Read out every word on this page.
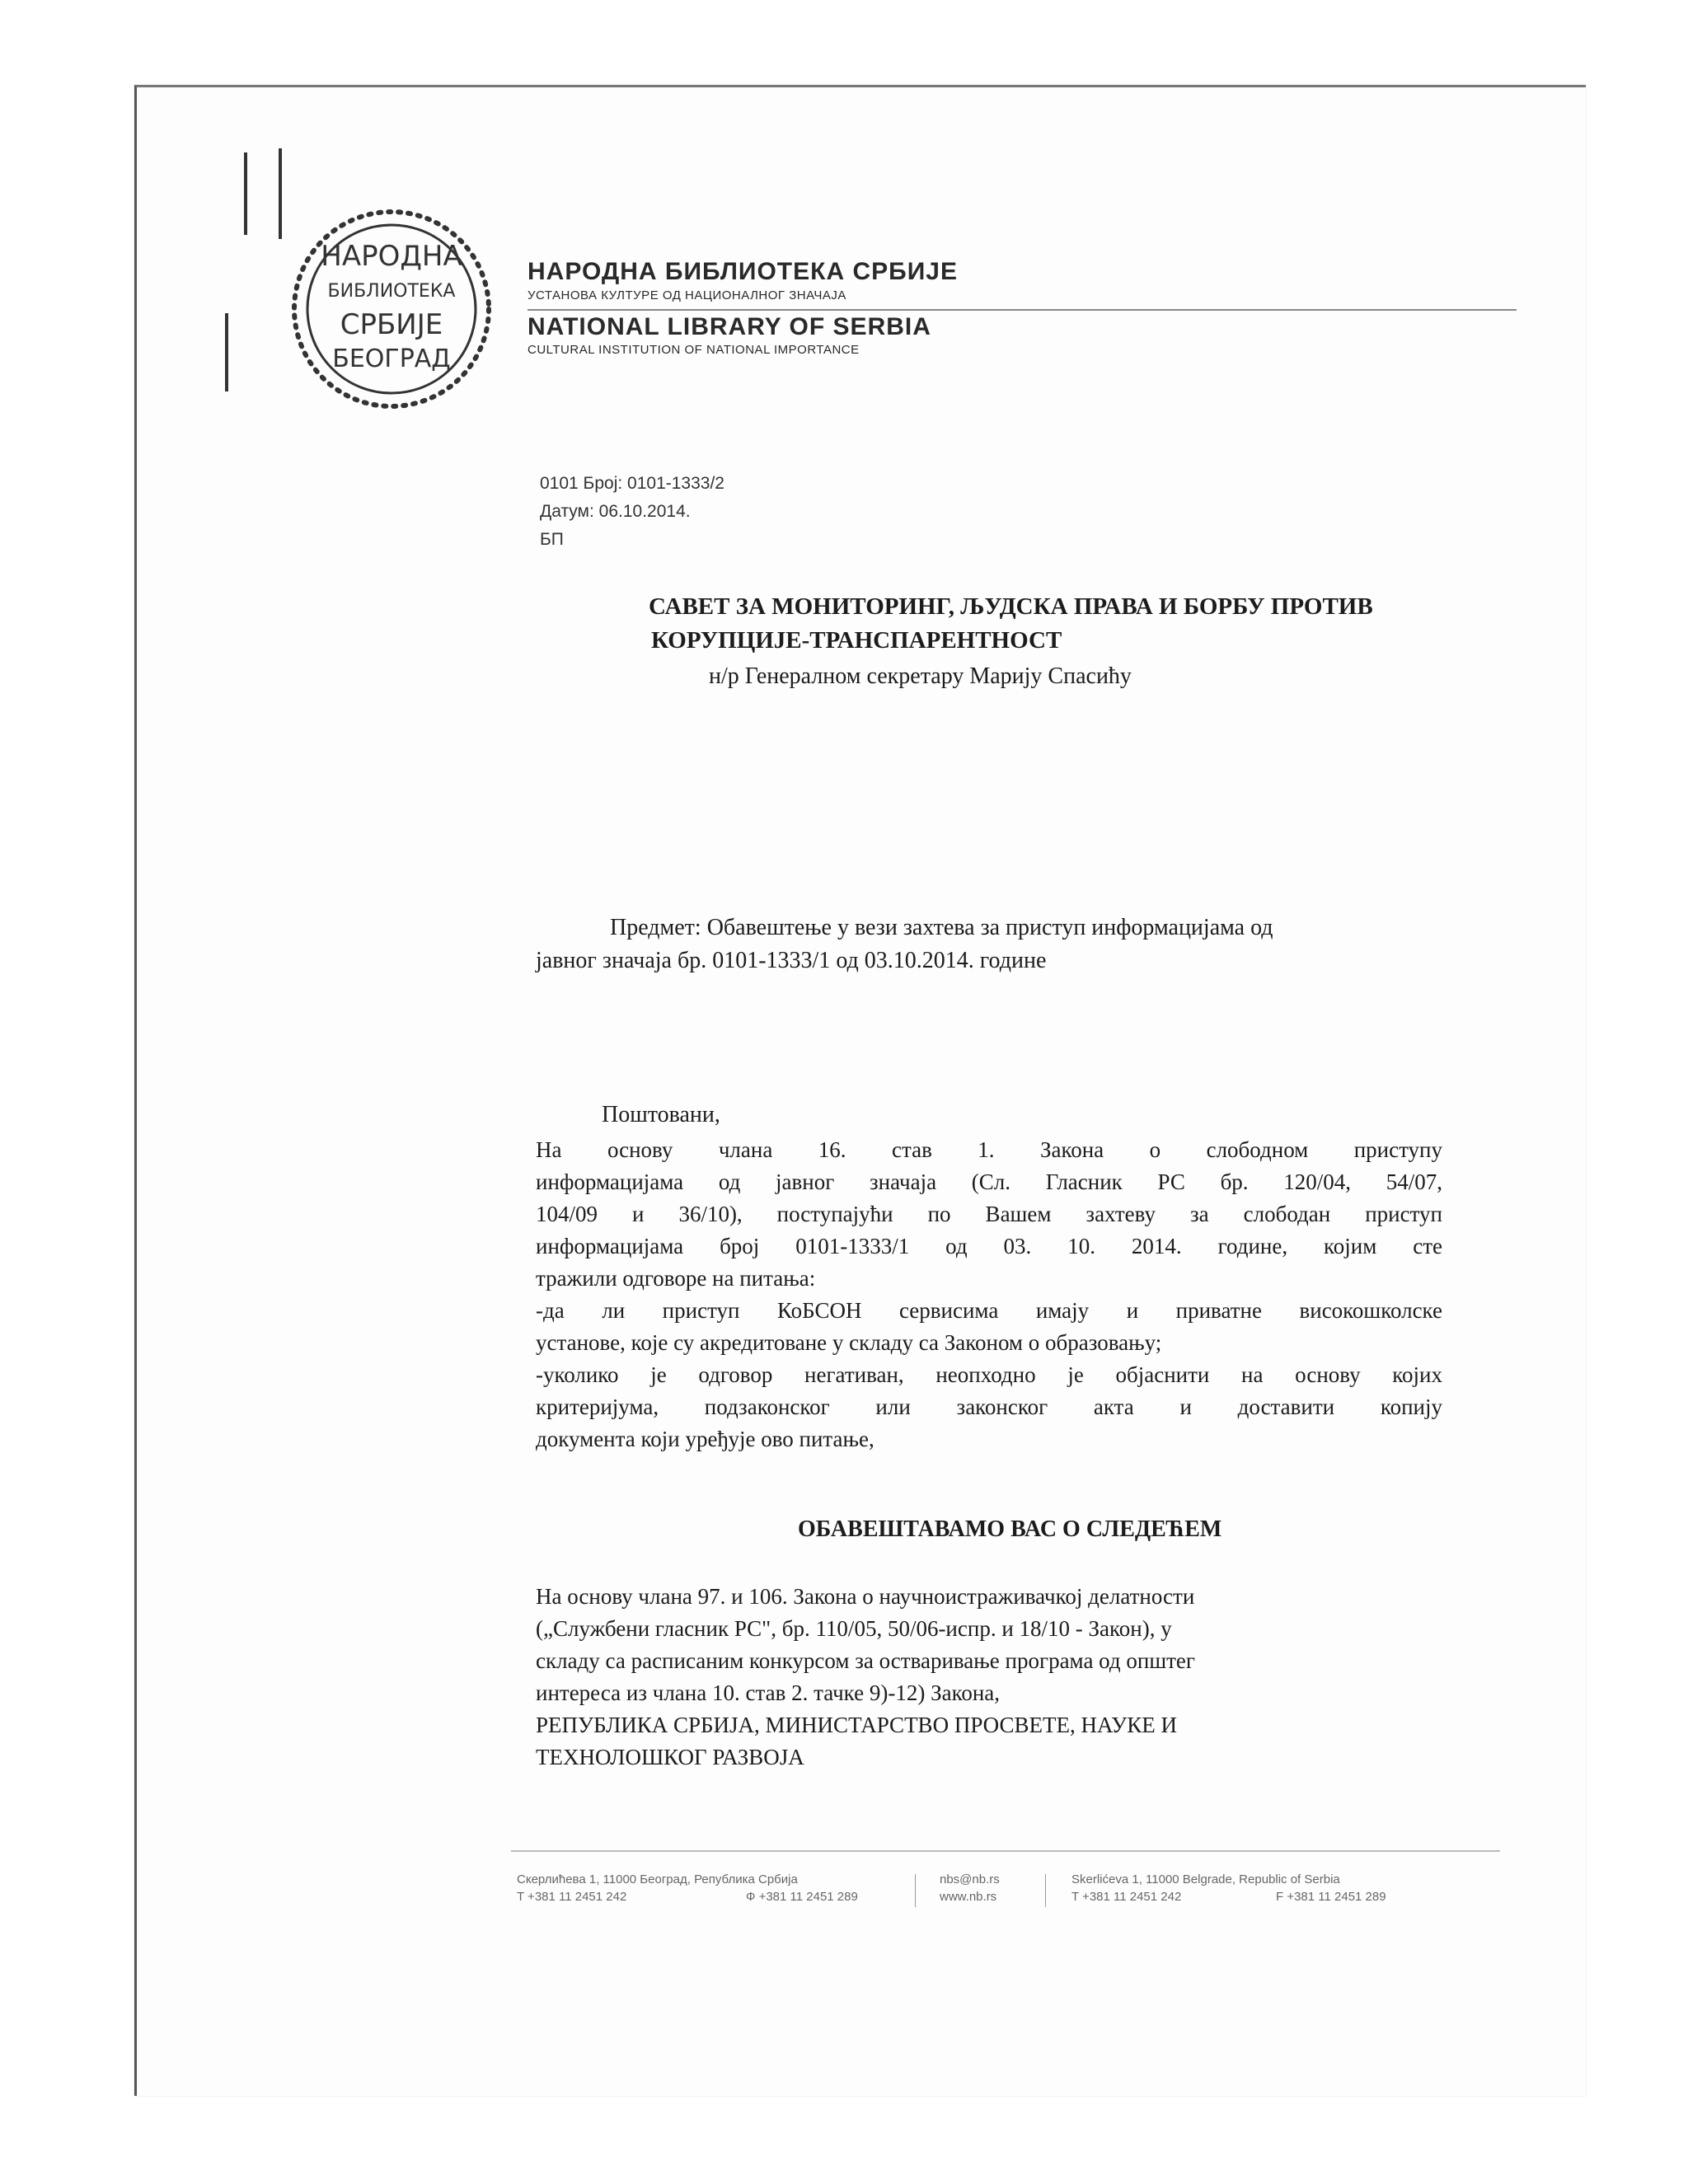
НАРОДНА
БИБЛИОТЕКА
СРБИЈЕ
БЕОГРАД
НАРОДНА БИБЛИОТЕКА СРБИЈЕ
УСТАНОВА КУЛТУРЕ ОД НАЦИОНАЛНОГ ЗНАЧАЈА
NATIONAL LIBRARY OF SERBIA
CULTURAL INSTITUTION OF NATIONAL IMPORTANCE
0101 Број: 0101-1333/2
Датум: 06.10.2014.
БП
САВЕТ ЗА МОНИТОРИНГ, ЉУДСКА ПРАВА И БОРБУ ПРОТИВ
КОРУПЦИЈЕ-ТРАНСПАРЕНТНОСТ
н/р Генералном секретару Марију Спасићу
Предмет: Обавештење у вези захтева за приступ информацијама од
јавног значаја бр. 0101-1333/1 од 03.10.2014. године
Поштовани,
На основу члана 16. став 1. Закона о слободном приступу
информацијама од јавног значаја (Сл. Гласник РС бр. 120/04, 54/07,
104/09 и 36/10), поступајући по Вашем захтеву за слободан приступ
информацијама број 0101-1333/1 од 03. 10. 2014. године, којим сте
тражили одговоре на питања:
-да ли приступ КоБСОН сервисима имају и приватне високошколске
установе, које су акредитоване у складу са Законом о образовању;
-уколико је одговор негативан, неопходно је објаснити на основу којих
критеријума, подзаконског или законског акта и доставити копију
документа који уређује ово питање,
ОБАВЕШТАВАМО ВАС О СЛЕДЕЋЕМ
На основу члана 97. и 106. Закона о научноистраживачкој делатности
(„Службени гласник РС", бр. 110/05, 50/06-испр. и 18/10 - Закон), у
складу са расписаним конкурсом за остваривање програма од општег
интереса из члана 10. став 2. тачке 9)-12) Закона,
РЕПУБЛИКА СРБИЈА, МИНИСТАРСТВО ПРОСВЕТЕ, НАУКЕ И
ТЕХНОЛОШКОГ РАЗВОЈА
Скерлићева 1, 11000 Београд, Република Србија
T +381 11 2451 242	Ф +381 11 2451 289
nbs@nb.rs
www.nb.rs
Skerlićeva 1, 11000 Belgrade, Republic of Serbia
T +381 11 2451 242	F +381 11 2451 289
